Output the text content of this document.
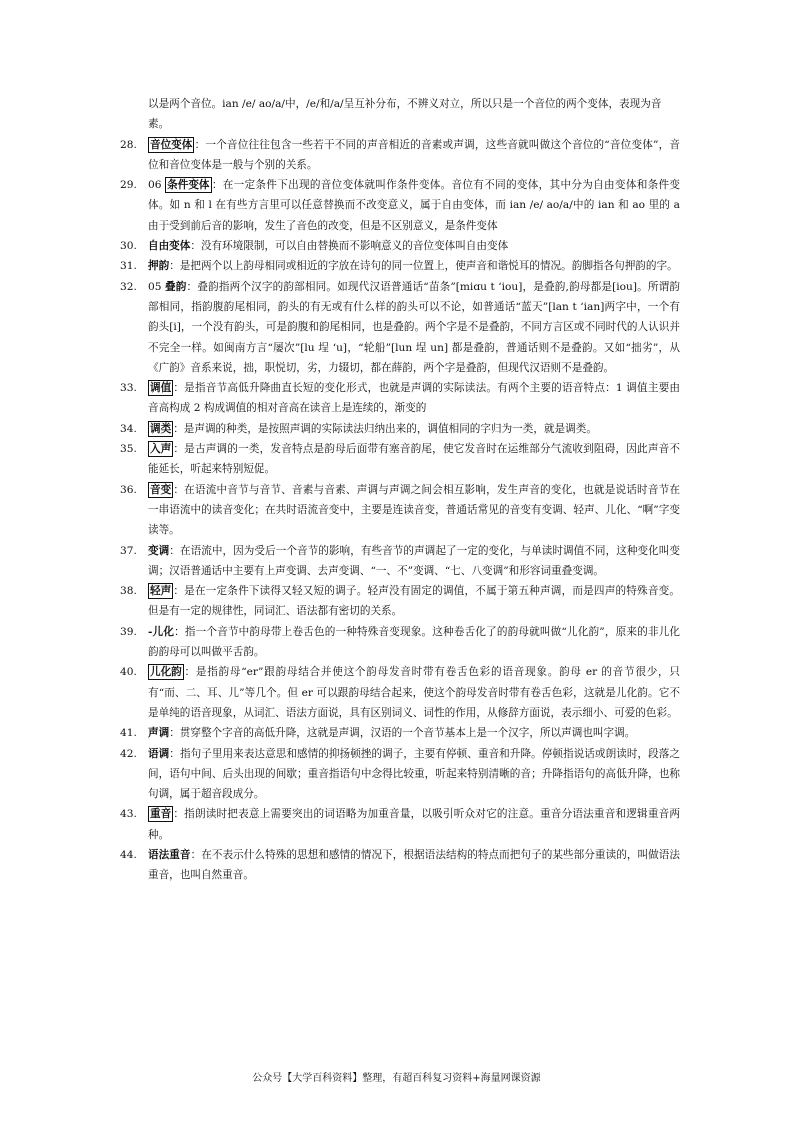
以是两个音位。ian /e/ ao/a/中，/e/和/a/呈互补分布，不辨义对立，所以只是一个音位的两个变体，表现为音素。
28.	音位变体 ：一个音位往往包含一些若干不同的声音相近的音素或声调，这些音就叫做这个音位的“音位变体”，音位和音位变体是一般与个别的关系。
29.	06 条件变体 ：在一定条件下出现的音位变体就叫作条件变体。音位有不同的变体，其中分为自由变体和条件变体。如 n 和 l 在有些方言里可以任意替换而不改变意义，属于自由变体，而 ian /e/ ao/a/中的 ian 和 ao 里的 a 由于受到前后音的影响，发生了音色的改变，但是不区别意义，是条件变体
30.	自由变体：没有环境限制，可以自由替换而不影响意义的音位变体叫自由变体
31.	押韵：是把两个以上韵母相同或相近的字放在诗句的同一位置上，使声音和谐悦耳的情况。韵脚指各句押韵的字。
32.	05 叠韵：叠韵指两个汉字的韵部相同。如现代汉语普通话“苗条”[miɑu t ‘iou]，是叠韵,韵母都是[iou]。所谓韵部相同，指韵腹韵尾相同，韵头的有无或有什么样的韵头可以不论，如普通话“蓝天”[lan t ‘ian]两字中，一个有韵头[i]，一个没有韵头，可是韵腹和韵尾相同，也是叠韵。两个字是不是叠韵，不同方言区或不同时代的人认识并不完全一样。如闽南方言“屡次”[lu 埕 ‘u]，“轮船”[lun 埕 un] 都是叠韵，普通话则不是叠韵。又如“拙劣”，从《广韵》音系来说，拙，职悦切，劣，力辍切，都在薛韵，两个字是叠韵，但现代汉语则不是叠韵。
33.	调值 ：是指音节高低升降曲直长短的变化形式，也就是声调的实际读法。有两个主要的语音特点：1 调值主要由音高构成 2 构成调值的相对音高在读音上是连续的，渐变的
34.	调类 ：是声调的种类，是按照声调的实际读法归纳出来的，调值相同的字归为一类，就是调类。
35.	入声 ：是古声调的一类，发音特点是韵母后面带有塞音韵尾，使它发音时在运维部分气流收到阻碍，因此声音不能延长，听起来特别短促。
36.	音变 ：在语流中音节与音节、音素与音素、声调与声调之间会相互影响，发生声音的变化，也就是说话时音节在一串语流中的读音变化；在共时语流音变中，主要是连读音变，普通话常见的音变有变调、轻声、儿化、“啊”字变读等。
37.	变调：在语流中，因为受后一个音节的影响，有些音节的声调起了一定的变化，与单读时调值不同，这种变化叫变调；汉语普通话中主要有上声变调、去声变调、“一、不”变调、“七、八变调”和形容词重叠变调。
38.	轻声 ：是在一定条件下读得又轻又短的调子。轻声没有固定的调值，不属于第五种声调，而是四声的特殊音变。但是有一定的规律性，同词汇、语法都有密切的关系。
39.	-儿化：指一个音节中韵母带上卷舌色的一种特殊音变现象。这种卷舌化了的韵母就叫做“儿化韵”，原来的非儿化韵韵母可以叫做平舌韵。
40.	儿化韵 ：是指韵母“er”跟韵母结合并使这个韵母发音时带有卷舌色彩的语音现象。韵母 er 的音节很少，只有“而、二、耳、儿”等几个。但 er 可以跟韵母结合起来，使这个韵母发音时带有卷舌色彩，这就是儿化韵。它不是单纯的语音现象，从词汇、语法方面说，具有区别词义、词性的作用，从修辞方面说，表示细小、可爱的色彩。
41.	声调：贯穿整个字音的高低升降，这就是声调，汉语的一个音节基本上是一个汉字，所以声调也叫字调。
42.	语调：指句子里用来表达意思和感情的抑扬顿挫的调子，主要有停顿、重音和升降。停顿指说话或朗读时，段落之间，语句中间、后头出现的间歇；重音指语句中念得比较重，听起来特别清晰的音；升降指语句的高低升降，也称句调，属于超音段成分。
43.	重音 ：指朗读时把表意上需要突出的词语略为加重音量，以吸引听众对它的注意。重音分语法重音和逻辑重音两种。
44.	语法重音：在不表示什么特殊的思想和感情的情况下，根据语法结构的特点而把句子的某些部分重读的，叫做语法重音，也叫自然重音。
公众号【大学百科资料】整理，有超百科复习资料+海量网课资源
